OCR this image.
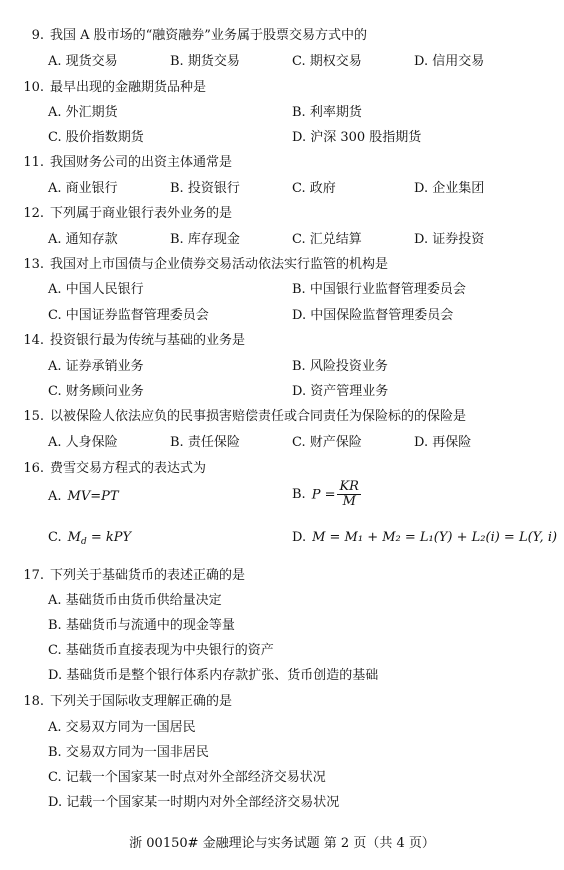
9. 我国 A 股市场的“融资融券”业务属于股票交易方式中的
A. 现货交易	B. 期货交易	C. 期权交易	D. 信用交易
10. 最早出现的金融期货品种是
A. 外汇期货	B. 利率期货
C. 股价指数期货	D. 沪深 300 股指期货
11. 我国财务公司的出资主体通常是
A. 商业银行	B. 投资银行	C. 政府	D. 企业集团
12. 下列属于商业银行表外业务的是
A. 通知存款	B. 库存现金	C. 汇兑结算	D. 证券投资
13. 我国对上市国债与企业债券交易活动依法实行监管的机构是
A. 中国人民银行	B. 中国银行业监督管理委员会
C. 中国证券监督管理委员会	D. 中国保险监督管理委员会
14. 投资银行最为传统与基础的业务是
A. 证券承销业务	B. 风险投资业务
C. 财务顾问业务	D. 资产管理业务
15. 以被保险人依法应负的民事损害赔偿责任或合同责任为保险标的的保险是
A. 人身保险	B. 责任保险	C. 财产保险	D. 再保险
16. 费雪交易方程式的表达式为
A. MV=PT	B. $P = \frac{KR}{M}$
C. $M_d$ = kPY	D. M = M₁ + M₂ = L₁(Y) + L₂(i) = L(Y, i)
17. 下列关于基础货币的表述正确的是
A. 基础货币由货币供给量决定
B. 基础货币与流通中的现金等量
C. 基础货币直接表现为中央银行的资产
D. 基础货币是整个银行体系内存款扩张、货币创造的基础
18. 下列关于国际收支理解正确的是
A. 交易双方同为一国居民
B. 交易双方同为一国非居民
C. 记载一个国家某一时点对外全部经济交易状况
D. 记载一个国家某一时期内对外全部经济交易状况
浙 00150# 金融理论与实务试题 第 2 页（共 4 页）
